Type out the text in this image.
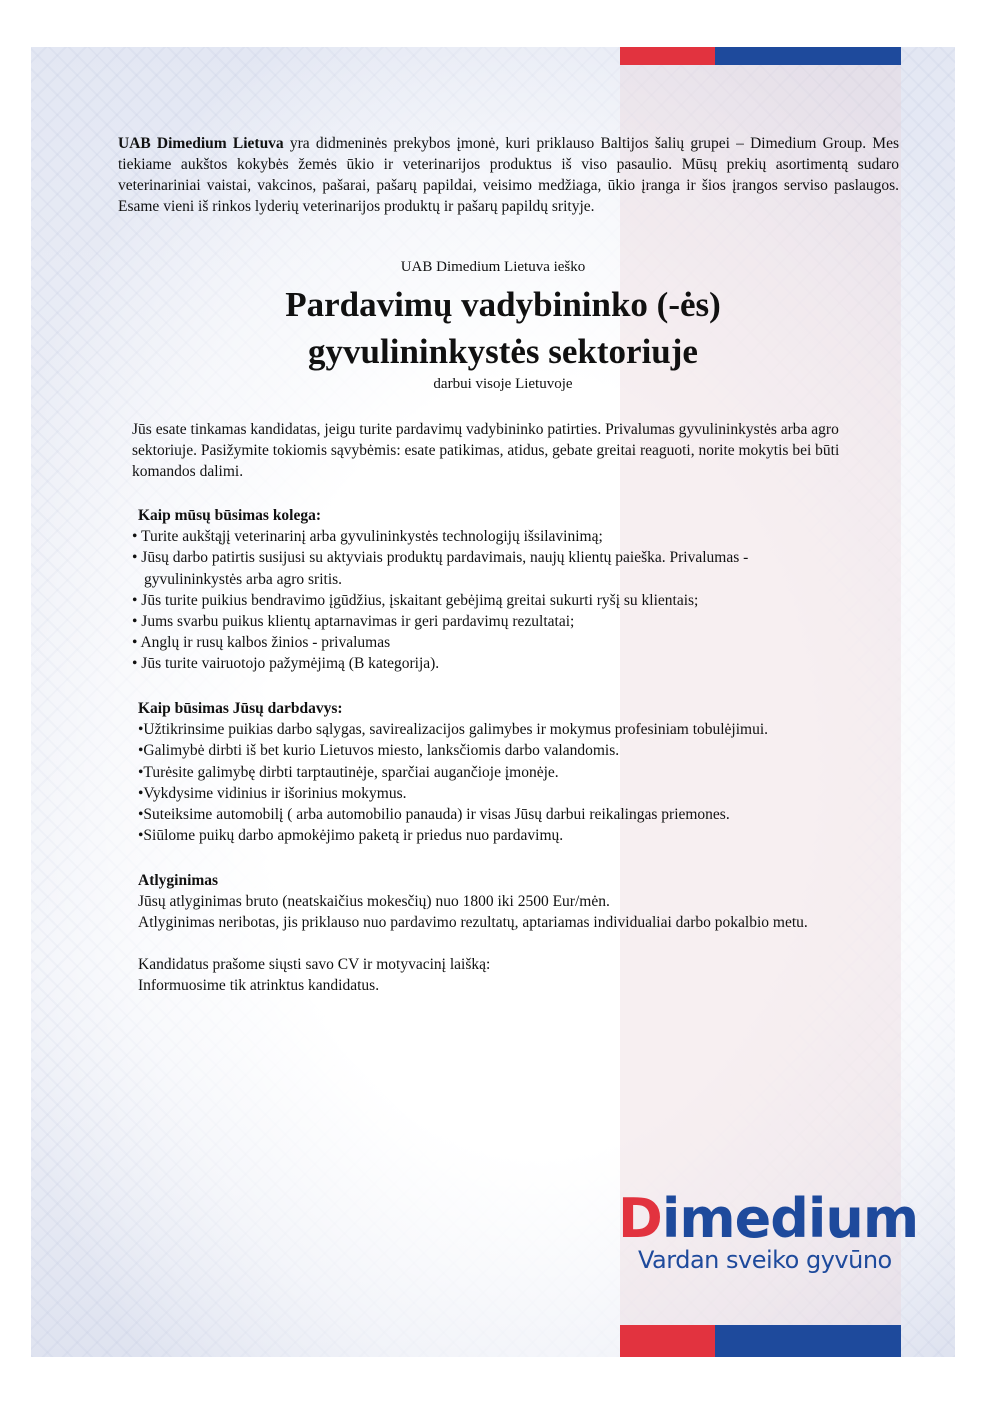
UAB Dimedium Lietuva yra didmeninės prekybos įmonė, kuri priklauso Baltijos šalių grupei – Dimedium Group. Mes tiekiame aukštos kokybės žemės ūkio ir veterinarijos produktus iš viso pasaulio. Mūsų prekių asortimentą sudaro veterinariniai vaistai, vakcinos, pašarai, pašarų papildai, veisimo medžiaga, ūkio įranga ir šios įrangos serviso paslaugos. Esame vieni iš rinkos lyderių veterinarijos produktų ir pašarų papildų srityje.
UAB Dimedium Lietuva ieško
Pardavimų vadybininko (-ės)
gyvulininkystės sektoriuje
darbui visoje Lietuvoje
Jūs esate tinkamas kandidatas, jeigu turite pardavimų vadybininko patirties. Privalumas gyvulininkystės arba agro sektoriuje. Pasižymite tokiomis sąvybėmis: esate patikimas, atidus, gebate greitai reaguoti, norite mokytis bei būti komandos dalimi.
Kaip mūsų būsimas kolega:
• Turite aukštąjį veterinarinį arba gyvulininkystės technologijų išsilavinimą;
• Jūsų darbo patirtis susijusi su aktyviais produktų pardavimais, naujų klientų paieška. Privalumas -
gyvulininkystės arba agro sritis.
• Jūs turite puikius bendravimo įgūdžius, įskaitant gebėjimą greitai sukurti ryšį su klientais;
• Jums svarbu puikus klientų aptarnavimas ir geri pardavimų rezultatai;
• Anglų ir rusų kalbos žinios - privalumas
• Jūs turite vairuotojo pažymėjimą (B kategorija).
Kaip būsimas Jūsų darbdavys:
•Užtikrinsime puikias darbo sąlygas, savirealizacijos galimybes ir mokymus profesiniam tobulėjimui.
•Galimybė dirbti iš bet kurio Lietuvos miesto, lanksčiomis darbo valandomis.
•Turėsite galimybę dirbti tarptautinėje, sparčiai augančioje įmonėje.
•Vykdysime vidinius ir išorinius mokymus.
•Suteiksime automobilį ( arba automobilio panauda) ir visas Jūsų darbui reikalingas priemones.
•Siūlome puikų darbo apmokėjimo paketą ir priedus nuo pardavimų.
Atlyginimas
Jūsų atlyginimas bruto (neatskaičius mokesčių) nuo 1800 iki 2500 Eur/mėn.
Atlyginimas neribotas, jis priklauso nuo pardavimo rezultatų, aptariamas individualiai darbo pokalbio metu.
Kandidatus prašome siųsti savo CV ir motyvacinį laišką:
Informuosime tik atrinktus kandidatus.
Dimedium
Vardan sveiko gyvūno
